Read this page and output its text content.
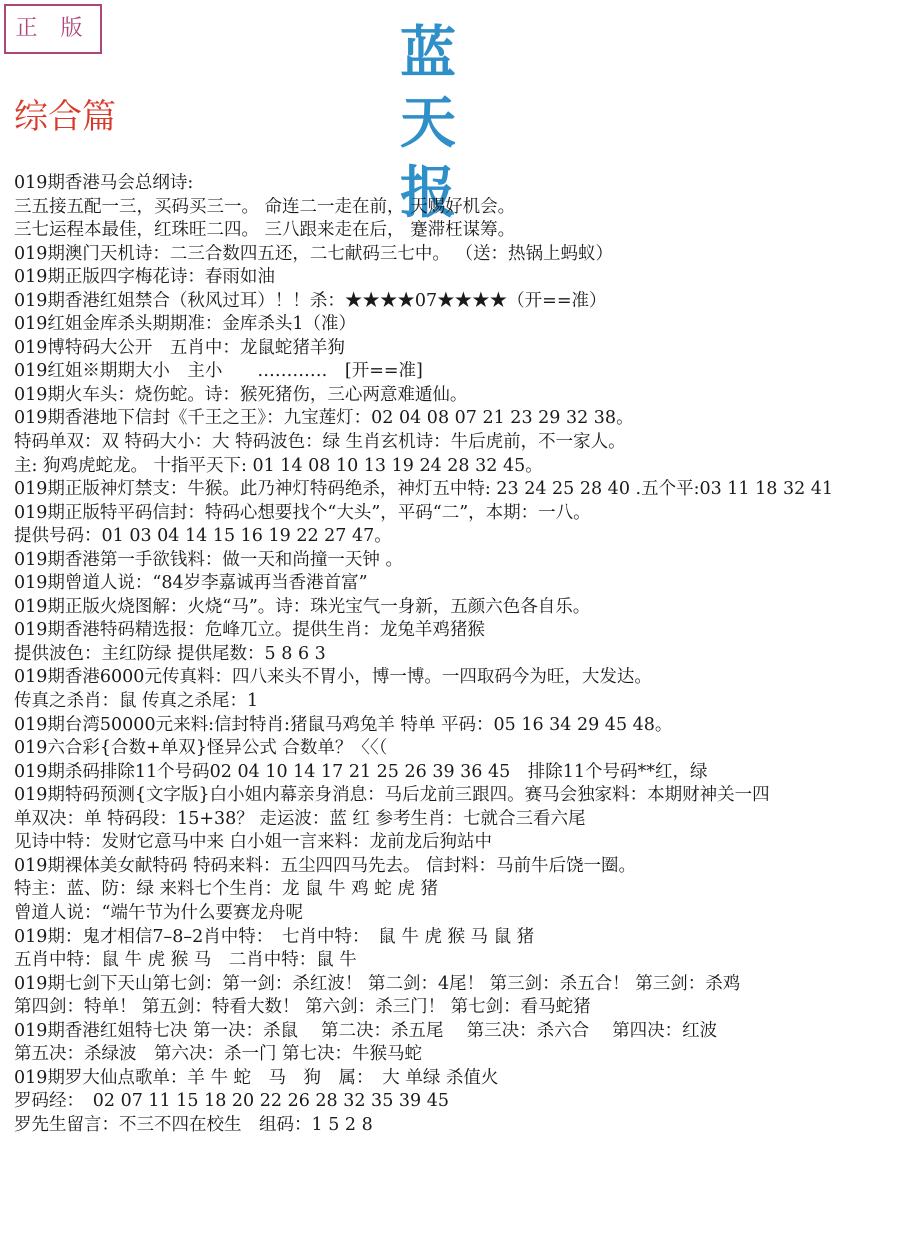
正 版	蓝 天 报
综合篇
019期香港马会总纲诗:
三五接五配一三，买码买三一。 命连二一走在前， 天赐好机会。
三七运程本最佳，红珠旺二四。 三八跟来走在后， 蹇滞枉谋筹。
019期澳门天机诗：二三合数四五还，二七献码三七中。 （送：热锅上蚂蚁）
019期正版四字梅花诗：春雨如油
019期香港红姐禁合（秋风过耳）！！杀：★★★★07★★★★（开==准）
019红姐金库杀头期期准：金库杀头1（准）
019博特码大公开　五肖中：龙鼠蛇猪羊狗
019红姐※期期大小　主小　　…………　[开==准]
019期火车头：烧伤蛇。诗：猴死猪伤，三心两意难遁仙。
019期香港地下信封《千王之王》：九宝莲灯：02 04 08 07 21 23 29 32 38。
特码单双：双 特码大小：大 特码波色：绿 生肖玄机诗：牛后虎前，不一家人。
主: 狗鸡虎蛇龙。 十指平天下: 01 14 08 10 13 19 24 28 32 45。
019期正版神灯禁支：牛猴。此乃神灯特码绝杀，神灯五中特: 23 24 25 28 40 .五个平:03 11 18 32 41
019期正版特平码信封：特码心想要找个“大头”，平码“二”，本期：一八。
提供号码：01 03 04 14 15 16 19 22 27 47。
019期香港第一手欲钱料：做一天和尚撞一天钟 。
019期曾道人说：“84岁李嘉诚再当香港首富”
019期正版火烧图解：火烧“马”。诗：珠光宝气一身新，五颜六色各自乐。
019期香港特码精选报：危峰兀立。提供生肖：龙兔羊鸡猪猴
提供波色：主红防绿 提供尾数：5 8 6 3
019期香港6000元传真料：四八来头不胃小，博一博。一四取码今为旺，大发达。
传真之杀肖：鼠 传真之杀尾：1
019期台湾50000元来料:信封特肖:猪鼠马鸡兔羊 特单 平码：05 16 34 29 45 48。
019六合彩{合数+单双}怪异公式 合数单？〈〈（
019期杀码排除11个号码02 04 10 14 17 21 25 26 39 36 45　排除11个号码**红，绿
019期特码预测{文字版}白小姐内幕亲身消息：马后龙前三跟四。赛马会独家料：本期财神关一四
单双决：单 特码段：15+38？ 走运波：蓝 红 参考生肖：七就合三看六尾
见诗中特：发财它意马中来 白小姐一言来料：龙前龙后狗站中
019期裸体美女献特码 特码来料：五尘四四马先去。 信封料：马前牛后饶一圈。
特主：蓝、防：绿 来料七个生肖：龙 鼠 牛 鸡 蛇 虎 猪
曾道人说：“端午节为什么要赛龙舟呢
019期：鬼才相信7–8–2肖中特：　七肖中特：　鼠 牛 虎 猴 马 鼠 猪
五肖中特：鼠 牛 虎 猴 马　二肖中特：鼠 牛
019期七剑下天山第七剑：第一剑：杀红波！ 第二剑：4尾！ 第三剑：杀五合！ 第三剑：杀鸡
第四剑：特单！ 第五剑：特看大数！ 第六剑：杀三门！ 第七剑：看马蛇猪
019期香港红姐特七决 第一决：杀鼠　 第二决：杀五尾　 第三决：杀六合　 第四决：红波
第五决：杀绿波　第六决：杀一门 第七决：牛猴马蛇
019期罗大仙点歌单：羊 牛 蛇　马　狗　属：　大 单绿 杀值火
罗码经：　02 07 11 15 18 20 22 26 28 32 35 39 45
罗先生留言：不三不四在校生　组码：1 5 2 8
